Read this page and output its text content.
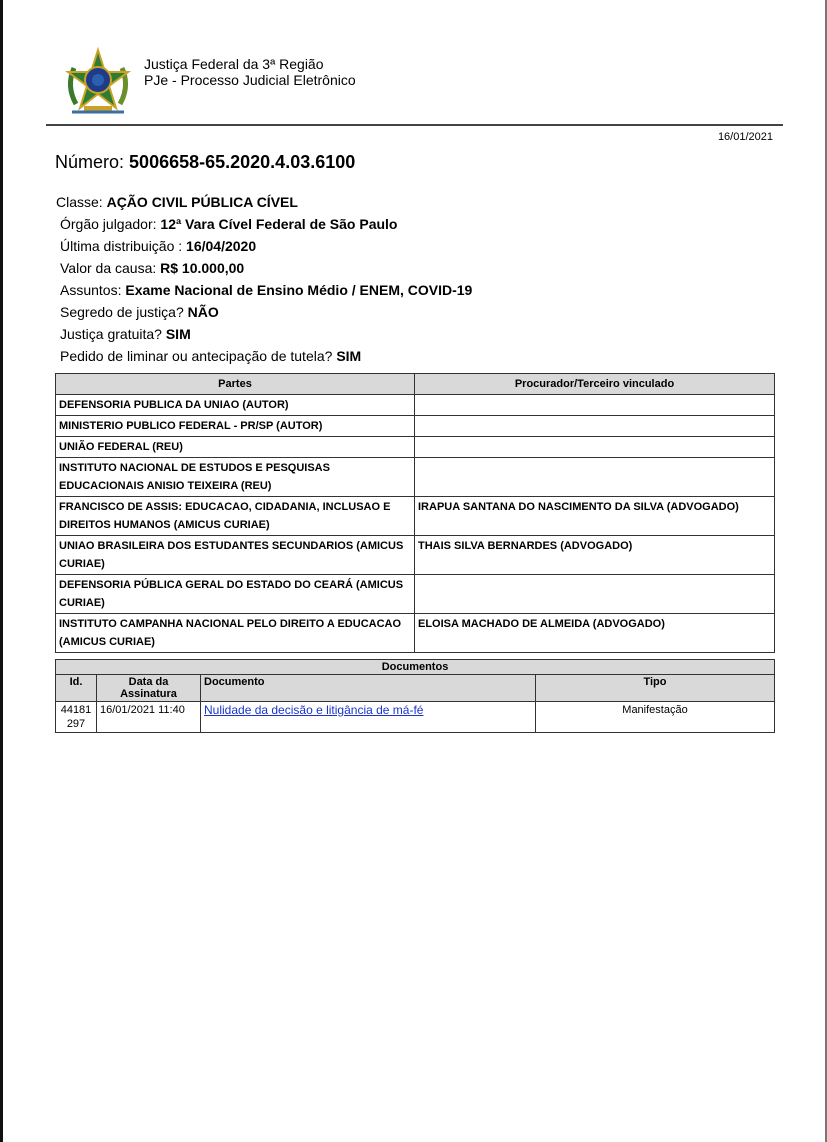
Justiça Federal da 3ª Região
PJe - Processo Judicial Eletrônico
16/01/2021
Número: 5006658-65.2020.4.03.6100
Classe: AÇÃO CIVIL PÚBLICA CÍVEL
Órgão julgador: 12ª Vara Cível Federal de São Paulo
Última distribuição : 16/04/2020
Valor da causa: R$ 10.000,00
Assuntos: Exame Nacional de Ensino Médio / ENEM, COVID-19
Segredo de justiça? NÃO
Justiça gratuita? SIM
Pedido de liminar ou antecipação de tutela? SIM
Partes	Procurador/Terceiro vinculado
DEFENSORIA PUBLICA DA UNIAO (AUTOR)	
MINISTERIO PUBLICO FEDERAL - PR/SP (AUTOR)	
UNIÃO FEDERAL (REU)	
INSTITUTO NACIONAL DE ESTUDOS E PESQUISAS EDUCACIONAIS ANISIO TEIXEIRA (REU)	
FRANCISCO DE ASSIS: EDUCACAO, CIDADANIA, INCLUSAO E DIREITOS HUMANOS (AMICUS CURIAE)	IRAPUA SANTANA DO NASCIMENTO DA SILVA (ADVOGADO)
UNIAO BRASILEIRA DOS ESTUDANTES SECUNDARIOS (AMICUS CURIAE)	THAIS SILVA BERNARDES (ADVOGADO)
DEFENSORIA PÚBLICA GERAL DO ESTADO DO CEARÁ (AMICUS CURIAE)	
INSTITUTO CAMPANHA NACIONAL PELO DIREITO A EDUCACAO (AMICUS CURIAE)	ELOISA MACHADO DE ALMEIDA (ADVOGADO)
Documentos			
Id.	Data da Assinatura	Documento	Tipo
44181 297	16/01/2021 11:40	Nulidade da decisão e litigância de má-fé	Manifestação
